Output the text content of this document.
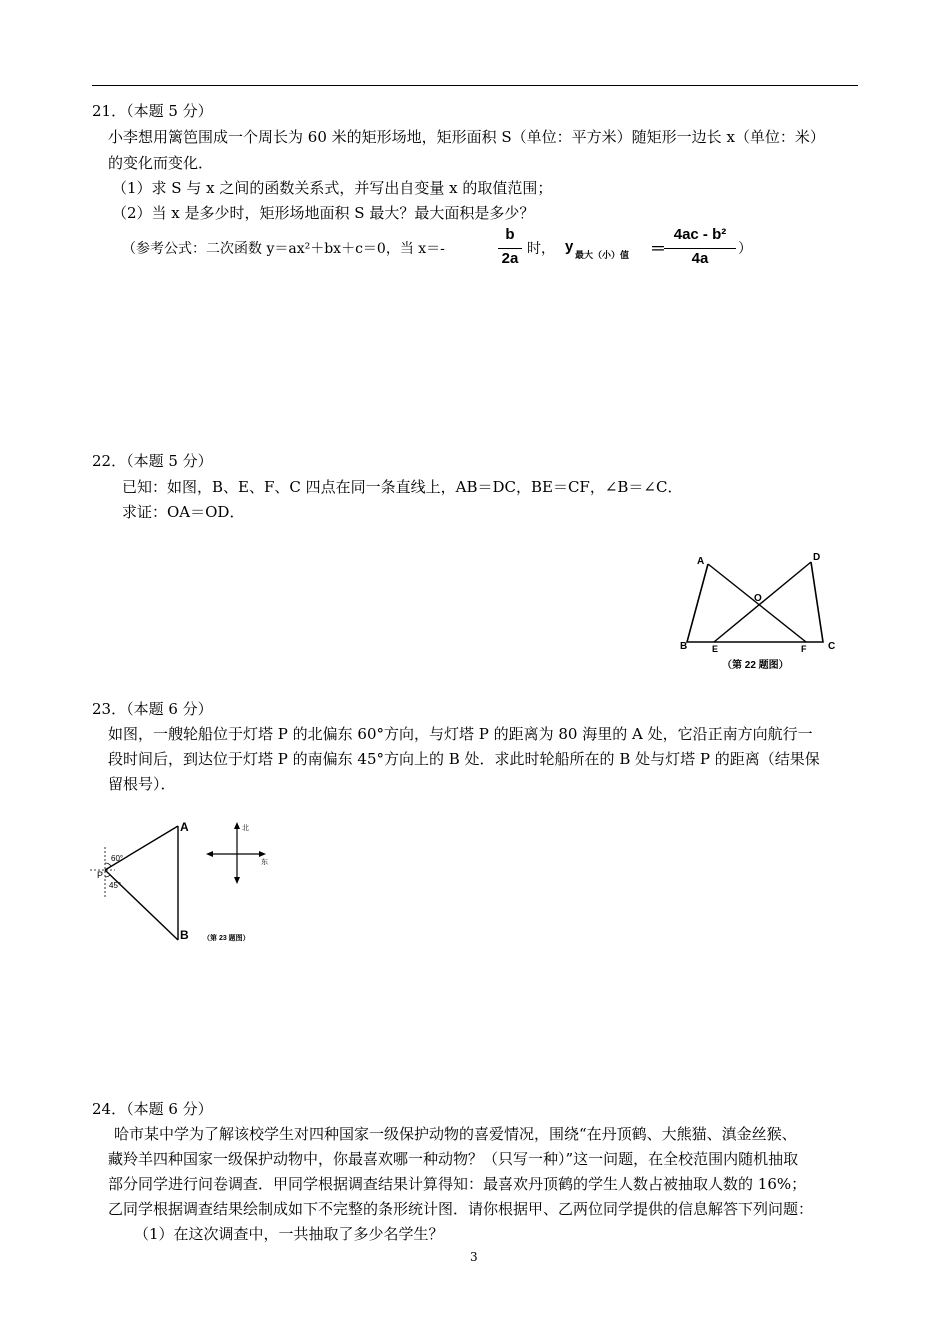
21．（本题 5 分）
小李想用篱笆围成一个周长为 60 米的矩形场地，矩形面积 S（单位：平方米）随矩形一边长 x（单位：米）
的变化而变化．
（1）求 S 与 x 之间的函数关系式，并写出自变量 x 的取值范围；
（2）当 x 是多少时，矩形场地面积 S 最大？最大面积是多少？
（参考公式：二次函数 y＝ax²＋bx＋c＝0，当 x＝-
b
2a
时， y 最大（小）值 ＝
4ac - b²
4a
）
22．（本题 5 分）
已知：如图，B、E、F、C 四点在同一条直线上，AB＝DC，BE＝CF，∠B＝∠C．
求证：OA＝OD．
A	D
O
B	E	F C
（第 22 题图）
23．（本题 6 分）
如图，一艘轮船位于灯塔 P 的北偏东 60°方向，与灯塔 P 的距离为 80 海里的 A 处，它沿正南方向航行一
段时间后，到达位于灯塔 P 的南偏东 45°方向上的 B 处．求此时轮船所在的 B 处与灯塔 P 的距离（结果保
留根号）．
A
B
P
60°
45°
北
东
（第 23 题图）
24．（本题 6 分）
哈市某中学为了解该校学生对四种国家一级保护动物的喜爱情况，围绕“在丹顶鹤、大熊猫、滇金丝猴、
藏羚羊四种国家一级保护动物中，你最喜欢哪一种动物？（只写一种）”这一问题，在全校范围内随机抽取
部分同学进行问卷调查．甲同学根据调查结果计算得知：最喜欢丹顶鹤的学生人数占被抽取人数的 16%；
乙同学根据调查结果绘制成如下不完整的条形统计图．请你根据甲、乙两位同学提供的信息解答下列问题：
（1）在这次调查中，一共抽取了多少名学生？
3
